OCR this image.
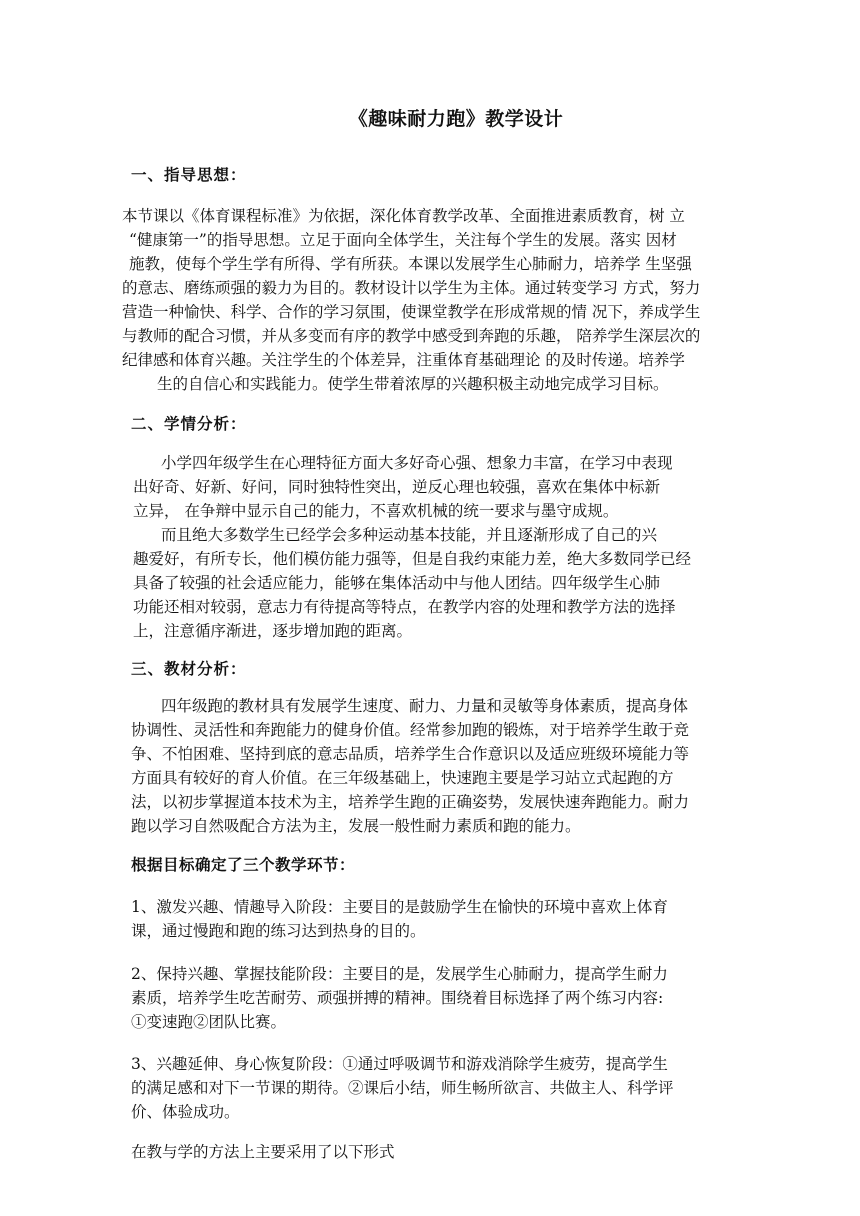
《趣味耐力跑》教学设计
一、指导思想：
本节课以《体育课程标准》为依据，深化体育教学改革、全面推进素质教育，树 立
“健康第一”的指导思想。立足于面向全体学生，关注每个学生的发展。落实 因材
施教，使每个学生学有所得、学有所获。本课以发展学生心肺耐力，培养学 生坚强
的意志、磨练顽强的毅力为目的。教材设计以学生为主体。通过转变学习 方式，努力
营造一种愉快、科学、合作的学习氛围，使课堂教学在形成常规的情 况下，养成学生
与教师的配合习惯，并从多变而有序的教学中感受到奔跑的乐趣， 陪养学生深层次的
纪律感和体育兴趣。关注学生的个体差异，注重体育基础理论 的及时传递。培养学
生的自信心和实践能力。使学生带着浓厚的兴趣积极主动地完成学习目标。
二、学情分析：
小学四年级学生在心理特征方面大多好奇心强、想象力丰富，在学习中表现
出好奇、好新、好问，同时独特性突出，逆反心理也较强，喜欢在集体中标新
立异， 在争辩中显示自己的能力，不喜欢机械的统一要求与墨守成规。
而且绝大多数学生已经学会多种运动基本技能，并且逐渐形成了自己的兴
趣爱好，有所专长，他们模仿能力强等，但是自我约束能力差，绝大多数同学已经
具备了较强的社会适应能力，能够在集体活动中与他人团结。四年级学生心肺
功能还相对较弱，意志力有待提高等特点，在教学内容的处理和教学方法的选择
上，注意循序渐进，逐步增加跑的距离。
三、教材分析：
四年级跑的教材具有发展学生速度、耐力、力量和灵敏等身体素质，提高身体
协调性、灵活性和奔跑能力的健身价值。经常参加跑的锻炼，对于培养学生敢于竞
争、不怕困难、坚持到底的意志品质，培养学生合作意识以及适应班级环境能力等
方面具有较好的育人价值。在三年级基础上，快速跑主要是学习站立式起跑的方
法，以初步掌握道本技术为主，培养学生跑的正确姿势，发展快速奔跑能力。耐力
跑以学习自然吸配合方法为主，发展一般性耐力素质和跑的能力。
根据目标确定了三个教学环节：
1、激发兴趣、情趣导入阶段：主要目的是鼓励学生在愉快的环境中喜欢上体育
课，通过慢跑和跑的练习达到热身的目的。
2、保持兴趣、掌握技能阶段：主要目的是，发展学生心肺耐力，提高学生耐力
素质，培养学生吃苦耐劳、顽强拼搏的精神。围绕着目标选择了两个练习内容:
①变速跑②团队比赛。
3、兴趣延伸、身心恢复阶段：①通过呼吸调节和游戏消除学生疲劳，提高学生
的满足感和对下一节课的期待。②课后小结，师生畅所欲言、共做主人、科学评
价、体验成功。
在教与学的方法上主要采用了以下形式
